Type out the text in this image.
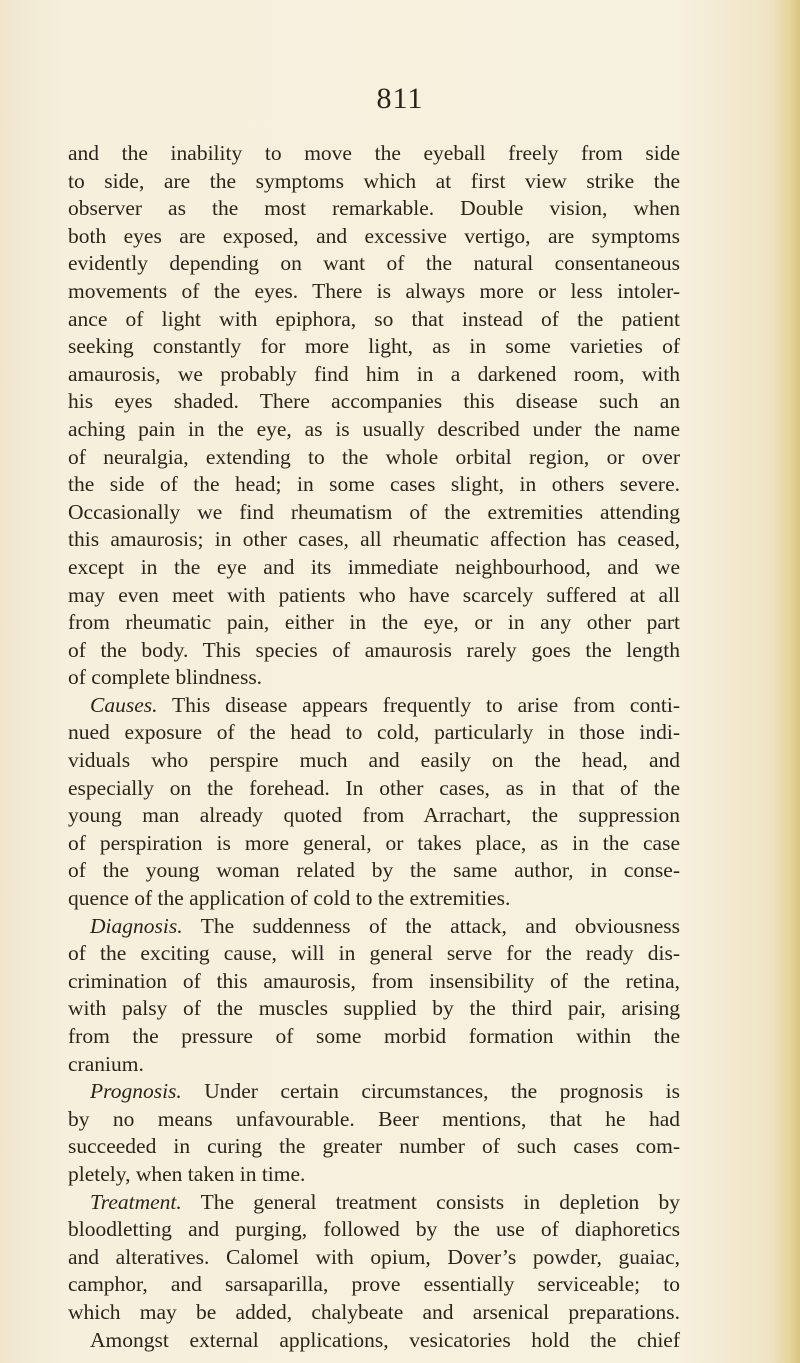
811
and the inability to move the eyeball freely from side
to side, are the symptoms which at first view strike the
observer as the most remarkable. Double vision, when
both eyes are exposed, and excessive vertigo, are symptoms
evidently depending on want of the natural consentaneous
movements of the eyes. There is always more or less intoler-
ance of light with epiphora, so that instead of the patient
seeking constantly for more light, as in some varieties of
amaurosis, we probably find him in a darkened room, with
his eyes shaded. There accompanies this disease such an
aching pain in the eye, as is usually described under the name
of neuralgia, extending to the whole orbital region, or over
the side of the head; in some cases slight, in others severe.
Occasionally we find rheumatism of the extremities attending
this amaurosis; in other cases, all rheumatic affection has ceased,
except in the eye and its immediate neighbourhood, and we
may even meet with patients who have scarcely suffered at all
from rheumatic pain, either in the eye, or in any other part
of the body. This species of amaurosis rarely goes the length
of complete blindness.
Causes. This disease appears frequently to arise from conti-
nued exposure of the head to cold, particularly in those indi-
viduals who perspire much and easily on the head, and
especially on the forehead. In other cases, as in that of the
young man already quoted from Arrachart, the suppression
of perspiration is more general, or takes place, as in the case
of the young woman related by the same author, in conse-
quence of the application of cold to the extremities.
Diagnosis. The suddenness of the attack, and obviousness
of the exciting cause, will in general serve for the ready dis-
crimination of this amaurosis, from insensibility of the retina,
with palsy of the muscles supplied by the third pair, arising
from the pressure of some morbid formation within the
cranium.
Prognosis. Under certain circumstances, the prognosis is
by no means unfavourable. Beer mentions, that he had
succeeded in curing the greater number of such cases com-
pletely, when taken in time.
Treatment. The general treatment consists in depletion by
bloodletting and purging, followed by the use of diaphoretics
and alteratives. Calomel with opium, Dover’s powder, guaiac,
camphor, and sarsaparilla, prove essentially serviceable; to
which may be added, chalybeate and arsenical preparations.
Amongst external applications, vesicatories hold the chief
